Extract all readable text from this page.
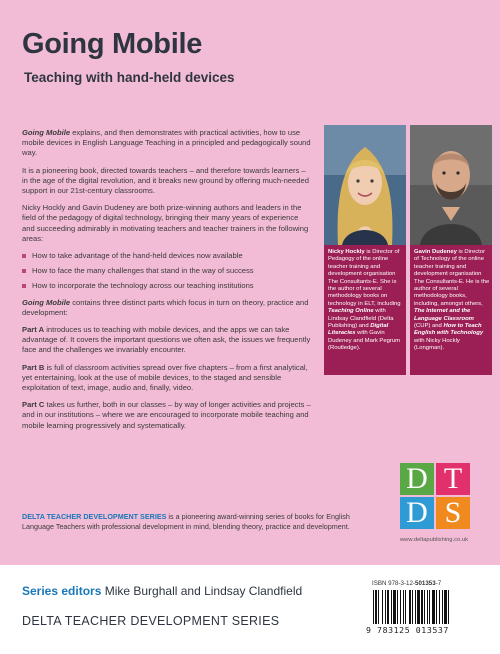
Going Mobile
Teaching with hand-held devices

Going Mobile explains, and then demonstrates with practical activities, how to use mobile devices in English Language Teaching in a principled and pedagogically sound way.

It is a pioneering book, directed towards teachers – and therefore towards learners – in the age of the digital revolution, and it breaks new ground by offering much-needed support in our 21st-century classrooms.

Nicky Hockly and Gavin Dudeney are both prize-winning authors and leaders in the field of the pedagogy of digital technology, bringing their many years of experience and succeeding admirably in motivating teachers and teacher trainers in the following areas:

How to take advantage of the hand-held devices now available
How to face the many challenges that stand in the way of success
How to incorporate the technology across our teaching institutions

Going Mobile contains three distinct parts which focus in turn on theory, practice and development:

Part A introduces us to teaching with mobile devices, and the apps we can take advantage of. It covers the important questions we often ask, the issues we frequently face and the challenges we invariably encounter.

Part B is full of classroom activities spread over five chapters – from a first analytical, yet entertaining, look at the use of mobile devices, to the staged and sensible exploitation of text, image, audio and, finally, video.

Part C takes us further, both in our classes – by way of longer activities and projects – and in our institutions – where we are encouraged to incorporate mobile teaching and mobile learning progressively and systematically.

DELTA TEACHER DEVELOPMENT SERIES is a pioneering award-winning series of books for English Language Teachers with professional development in mind, blending theory, practice and development.
Nicky Hockly is Director of Pedagogy of the online teacher training and development organisation The Consultants-E. She is the author of several methodology books on technology in ELT, including Teaching Online with Lindsay Clandfield (Delta Publishing) and Digital Literacies with Gavin Dudeney and Mark Pegrum (Routledge).
Gavin Dudeney is Director of Technology of the online teacher training and development organisation The Consultants-E. He is the author of several methodology books, including, amongst others, The Internet and the Language Classroom (CUP) and How to Teach English with Technology with Nicky Hockly (Longman).
D T
D S
www.deltapublishing.co.uk
Series editors Mike Burghall and Lindsay Clandfield
DELTA TEACHER DEVELOPMENT SERIES
ISBN 978-3-12-501353-7
9 783125 013537
